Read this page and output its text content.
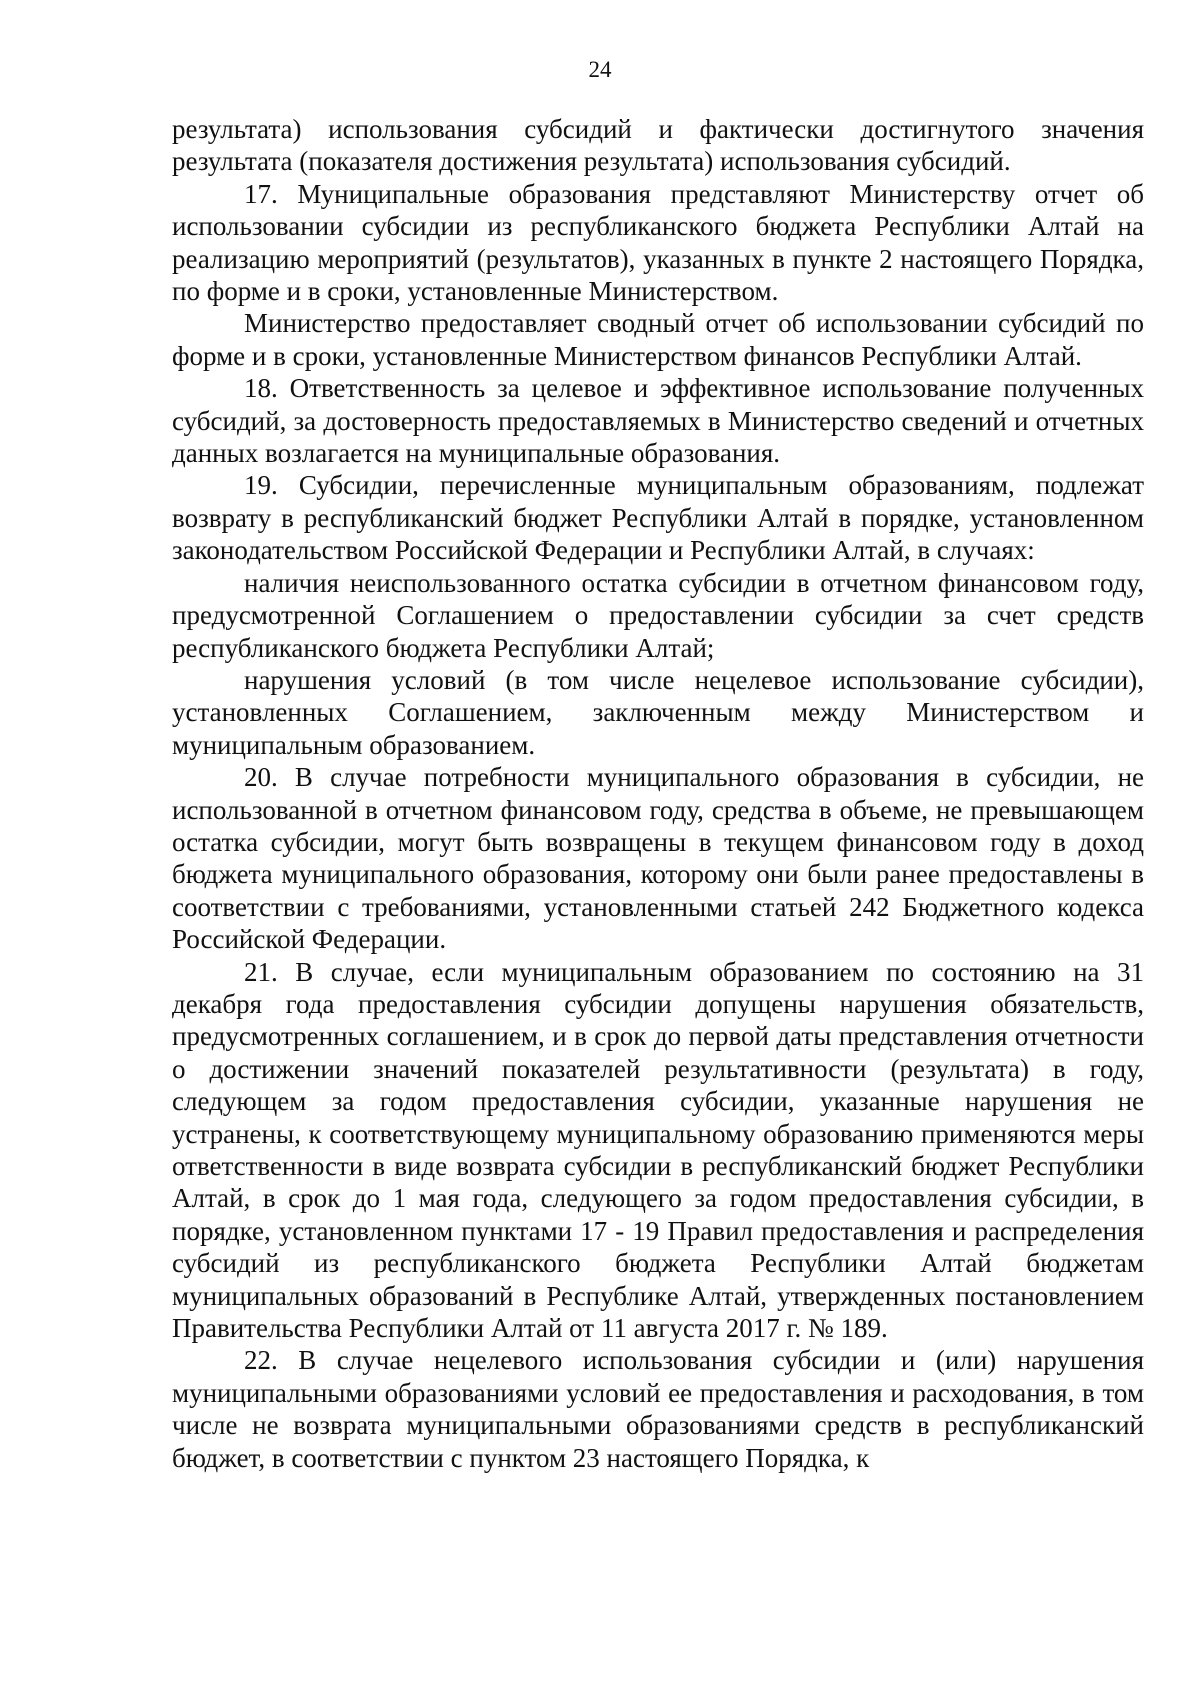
24

результата) использования субсидий и фактически достигнутого значения результата (показателя достижения результата) использования субсидий.

17. Муниципальные образования представляют Министерству отчет об использовании субсидии из республиканского бюджета Республики Алтай на реализацию мероприятий (результатов), указанных в пункте 2 настоящего Порядка, по форме и в сроки, установленные Министерством.

Министерство предоставляет сводный отчет об использовании субсидий по форме и в сроки, установленные Министерством финансов Республики Алтай.

18. Ответственность за целевое и эффективное использование полученных субсидий, за достоверность предоставляемых в Министерство сведений и отчетных данных возлагается на муниципальные образования.

19. Субсидии, перечисленные муниципальным образованиям, подлежат возврату в республиканский бюджет Республики Алтай в порядке, установленном законодательством Российской Федерации и Республики Алтай, в случаях:

наличия неиспользованного остатка субсидии в отчетном финансовом году, предусмотренной Соглашением о предоставлении субсидии за счет средств республиканского бюджета Республики Алтай;

нарушения условий (в том числе нецелевое использование субсидии), установленных Соглашением, заключенным между Министерством и муниципальным образованием.

20. В случае потребности муниципального образования в субсидии, не использованной в отчетном финансовом году, средства в объеме, не превышающем остатка субсидии, могут быть возвращены в текущем финансовом году в доход бюджета муниципального образования, которому они были ранее предоставлены в соответствии с требованиями, установленными статьей 242 Бюджетного кодекса Российской Федерации.

21. В случае, если муниципальным образованием по состоянию на 31 декабря года предоставления субсидии допущены нарушения обязательств, предусмотренных соглашением, и в срок до первой даты представления отчетности о достижении значений показателей результативности (результата) в году, следующем за годом предоставления субсидии, указанные нарушения не устранены, к соответствующему муниципальному образованию применяются меры ответственности в виде возврата субсидии в республиканский бюджет Республики Алтай, в срок до 1 мая года, следующего за годом предоставления субсидии, в порядке, установленном пунктами 17 - 19 Правил предоставления и распределения субсидий из республиканского бюджета Республики Алтай бюджетам муниципальных образований в Республике Алтай, утвержденных постановлением Правительства Республики Алтай от 11 августа 2017 г. № 189.

22. В случае нецелевого использования субсидии и (или) нарушения муниципальными образованиями условий ее предоставления и расходования, в том числе не возврата муниципальными образованиями средств в республиканский бюджет, в соответствии с пунктом 23 настоящего Порядка, к
